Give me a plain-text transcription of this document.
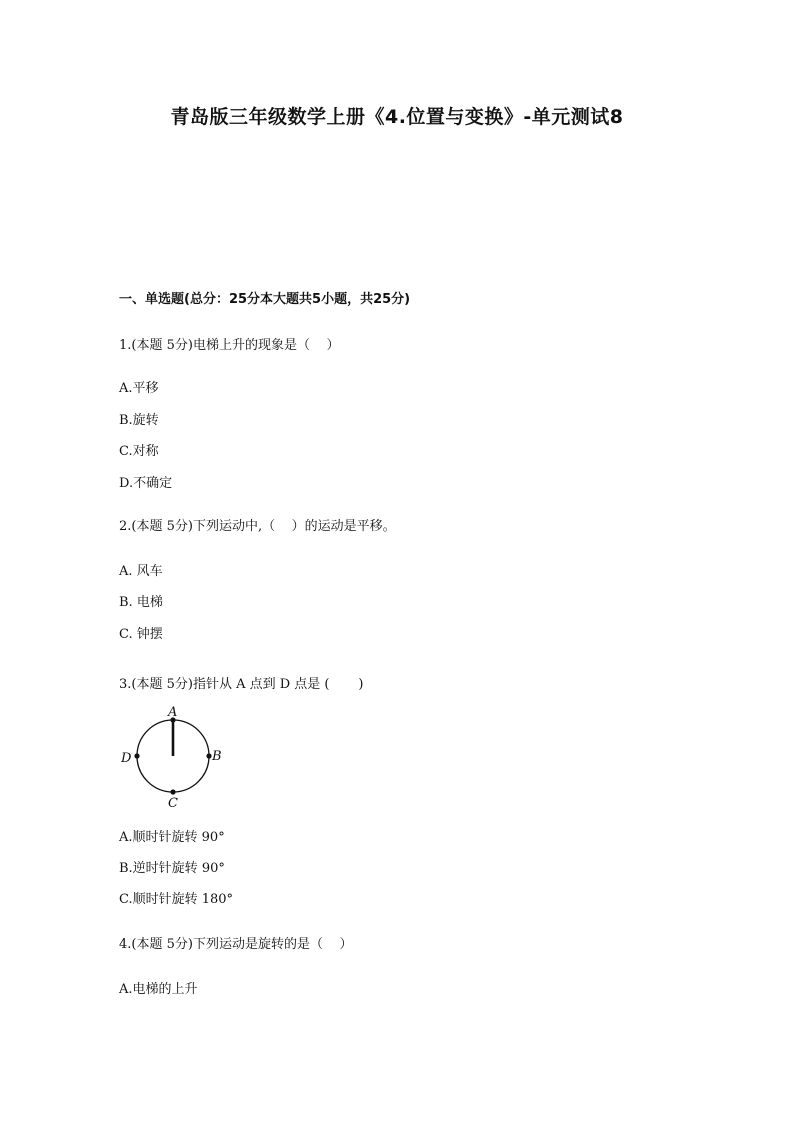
青岛版三年级数学上册《4.位置与变换》-单元测试8
一、单选题(总分：25分本大题共5小题，共25分)
1.(本题 5分)电梯上升的现象是（    ）
A.平移
B.旋转
C.对称
D.不确定
2.(本题 5分)下列运动中,（    ）的运动是平移。
A. 风车
B. 电梯
C. 钟摆
3.(本题 5分)指针从 A 点到 D 点是 (       )
A
B
C
D
A.顺时针旋转 90°
B.逆时针旋转 90°
C.顺时针旋转 180°
4.(本题 5分)下列运动是旋转的是（    ）
A.电梯的上升
